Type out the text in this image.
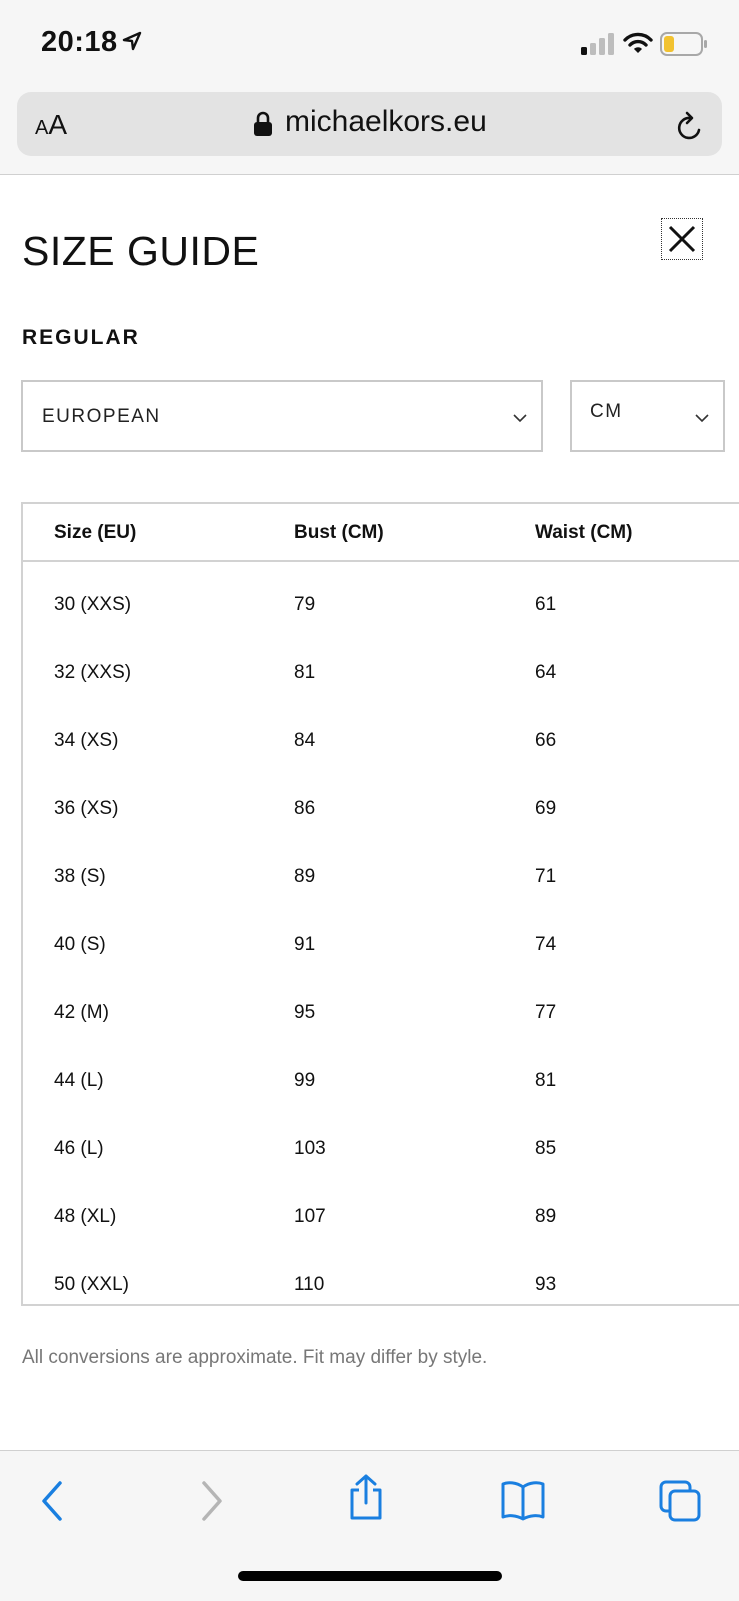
20:18
AA	michaelkors.eu
SIZE GUIDE
REGULAR
EUROPEAN	CM
Size (EU)	Bust (CM)	Waist (CM)
30 (XXS)	79	61
32 (XXS)	81	64
34 (XS)	84	66
36 (XS)	86	69
38 (S)	89	71
40 (S)	91	74
42 (M)	95	77
44 (L)	99	81
46 (L)	103	85
48 (XL)	107	89
50 (XXL)	110	93
All conversions are approximate. Fit may differ by style.
